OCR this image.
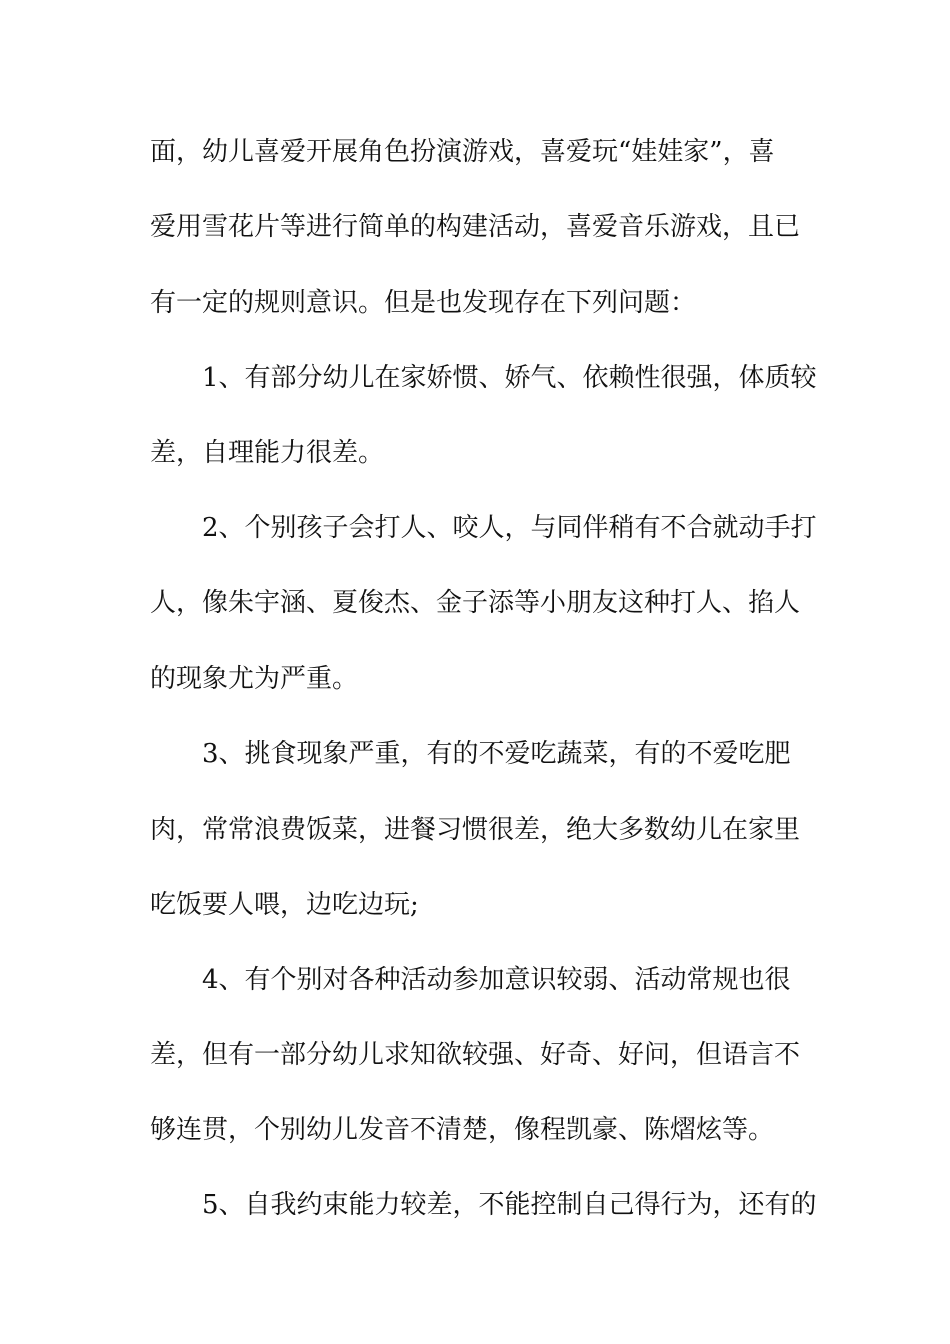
面，幼儿喜爱开展角色扮演游戏，喜爱玩“娃娃家”，喜
爱用雪花片等进行简单的构建活动，喜爱音乐游戏，且已
有一定的规则意识。但是也发现存在下列问题：
1、有部分幼儿在家娇惯、娇气、依赖性很强，体质较
差，自理能力很差。
2、个别孩子会打人、咬人，与同伴稍有不合就动手打
人，像朱宇涵、夏俊杰、金子添等小朋友这种打人、掐人
的现象尤为严重。
3、挑食现象严重，有的不爱吃蔬菜，有的不爱吃肥
肉，常常浪费饭菜，进餐习惯很差，绝大多数幼儿在家里
吃饭要人喂，边吃边玩;
4、有个别对各种活动参加意识较弱、活动常规也很
差，但有一部分幼儿求知欲较强、好奇、好问，但语言不
够连贯，个别幼儿发音不清楚，像程凯豪、陈熠炫等。
5、自我约束能力较差，不能控制自己得行为，还有的
